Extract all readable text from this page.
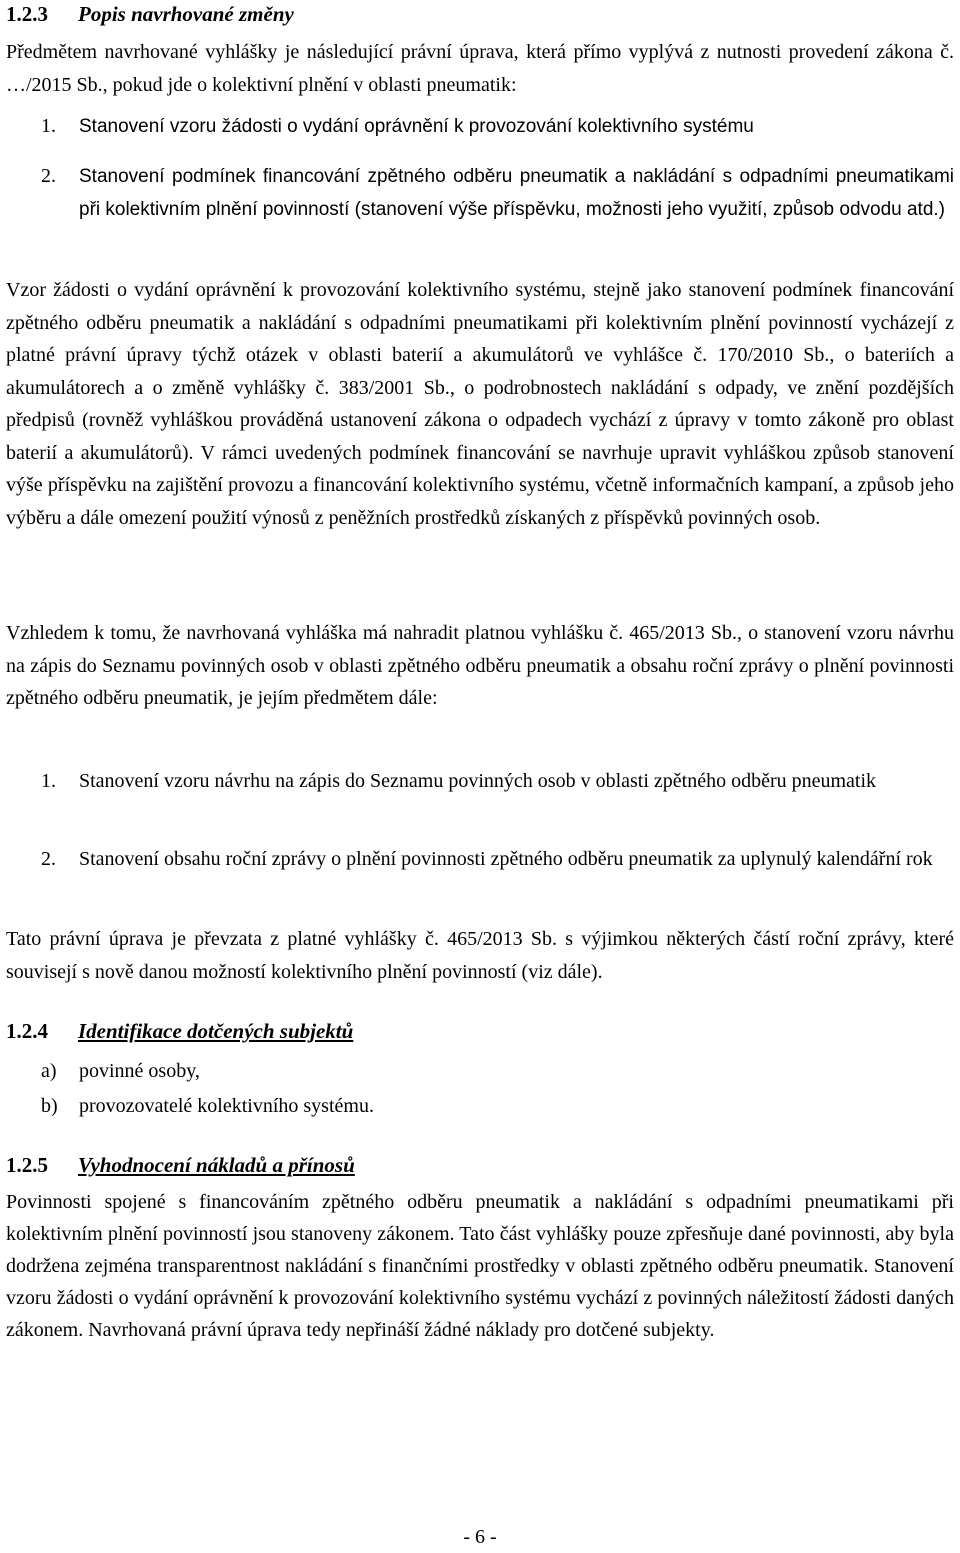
1.2.3 Popis navrhované změny

Předmětem navrhované vyhlášky je následující právní úprava, která přímo vyplývá z nutnosti provedení zákona č. …/2015 Sb., pokud jde o kolektivní plnění v oblasti pneumatik:

1. Stanovení vzoru žádosti o vydání oprávnění k provozování kolektivního systému
2. Stanovení podmínek financování zpětného odběru pneumatik a nakládání s odpadními pneumatikami při kolektivním plnění povinností (stanovení výše příspěvku, možnosti jeho využití, způsob odvodu atd.)

Vzor žádosti o vydání oprávnění k provozování kolektivního systému, stejně jako stanovení podmínek financování zpětného odběru pneumatik a nakládání s odpadními pneumatikami při kolektivním plnění povinností vycházejí z platné právní úpravy týchž otázek v oblasti baterií a akumulátorů ve vyhlášce č. 170/2010 Sb., o bateriích a akumulátorech a o změně vyhlášky č. 383/2001 Sb., o podrobnostech nakládání s odpady, ve znění pozdějších předpisů (rovněž vyhláškou prováděná ustanovení zákona o odpadech vychází z úpravy v tomto zákoně pro oblast baterií a akumulátorů). V rámci uvedených podmínek financování se navrhuje upravit vyhláškou způsob stanovení výše příspěvku na zajištění provozu a financování kolektivního systému, včetně informačních kampaní, a způsob jeho výběru a dále omezení použití výnosů z peněžních prostředků získaných z příspěvků povinných osob.

Vzhledem k tomu, že navrhovaná vyhláška má nahradit platnou vyhlášku č. 465/2013 Sb., o stanovení vzoru návrhu na zápis do Seznamu povinných osob v oblasti zpětného odběru pneumatik a obsahu roční zprávy o plnění povinnosti zpětného odběru pneumatik, je jejím předmětem dále:

1. Stanovení vzoru návrhu na zápis do Seznamu povinných osob v oblasti zpětného odběru pneumatik
2. Stanovení obsahu roční zprávy o plnění povinnosti zpětného odběru pneumatik za uplynulý kalendářní rok

Tato právní úprava je převzata z platné vyhlášky č. 465/2013 Sb. s výjimkou některých částí roční zprávy, které souvisejí s nově danou možností kolektivního plnění povinností (viz dále).

1.2.4 Identifikace dotčených subjektů
a) povinné osoby,
b) provozovatelé kolektivního systému.
1.2.5 Vyhodnocení nákladů a přínosů

Povinnosti spojené s financováním zpětného odběru pneumatik a nakládání s odpadními pneumatikami při kolektivním plnění povinností jsou stanoveny zákonem. Tato část vyhlášky pouze zpřesňuje dané povinnosti, aby byla dodržena zejména transparentnost nakládání s finančními prostředky v oblasti zpětného odběru pneumatik. Stanovení vzoru žádosti o vydání oprávnění k provozování kolektivního systému vychází z povinných náležitostí žádosti daných zákonem. Navrhovaná právní úprava tedy nepřináší žádné náklady pro dotčené subjekty.

- 6 -
